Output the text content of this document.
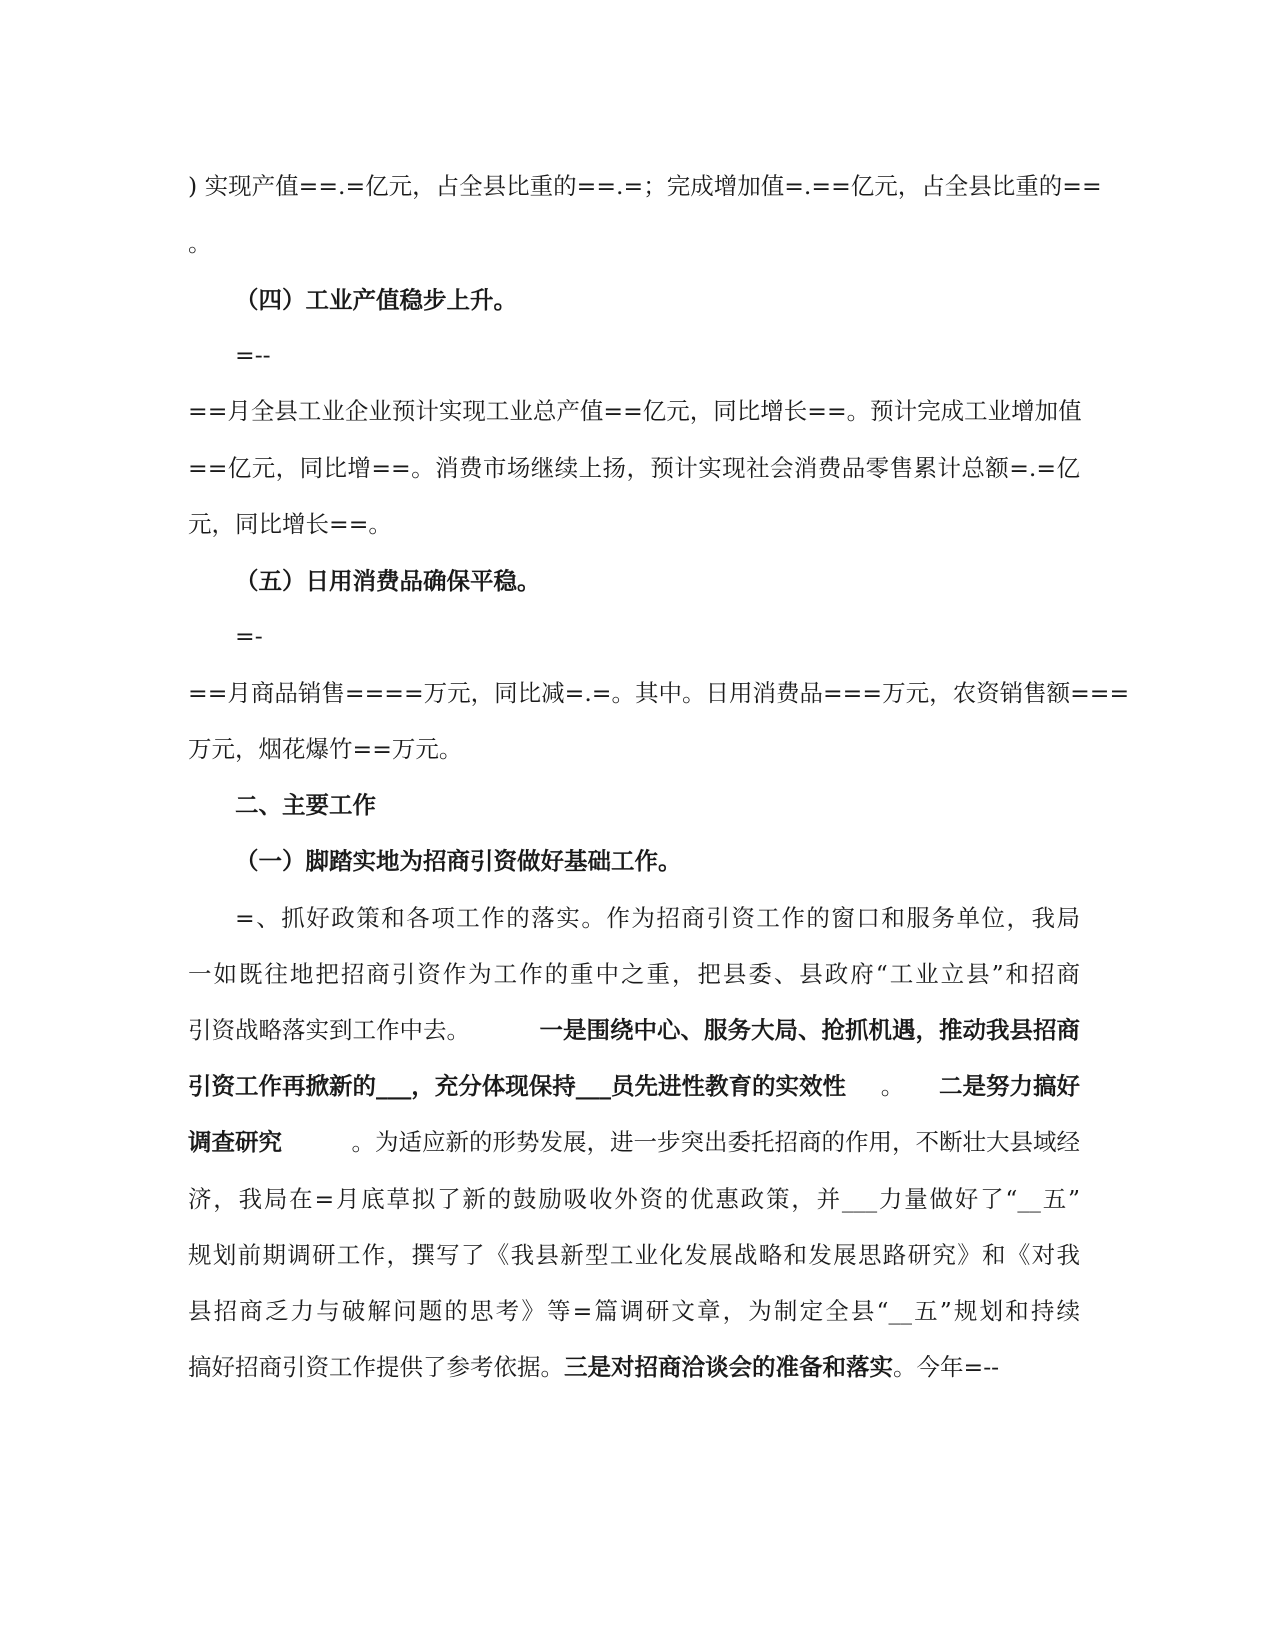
) 实现产值==.=亿元，占全县比重的==.=；完成增加值=.==亿元，占全县比重的==
。
（四）工业产值稳步上升。
=--
==月全县工业企业预计实现工业总产值==亿元，同比增长==。预计完成工业增加值
==亿元，同比增==。消费市场继续上扬，预计实现社会消费品零售累计总额=.=亿
元，同比增长==。
（五）日用消费品确保平稳。
=-
==月商品销售====万元，同比减=.=。其中。日用消费品===万元，农资销售额===
万元，烟花爆竹==万元。
二、主要工作
（一）脚踏实地为招商引资做好基础工作。
=、抓好政策和各项工作的落实。作为招商引资工作的窗口和服务单位，我局
一如既往地把招商引资作为工作的重中之重，把县委、县政府“工业立县”和招商
引资战略落实到工作中去。	一是围绕中心、服务大局、抢抓机遇，推动我县招商
引资工作再掀新的___，充分体现保持___员先进性教育的实效性 。 二是努力搞好
调查研究	。为适应新的形势发展，进一步突出委托招商的作用，不断壮大县域经
济，我局在=月底草拟了新的鼓励吸收外资的优惠政策，并___力量做好了“__五”
规划前期调研工作，撰写了《我县新型工业化发展战略和发展思路研究》和《对我
县招商乏力与破解问题的思考》等=篇调研文章，为制定全县“__五”规划和持续
搞好招商引资工作提供了参考依据。三是对招商洽谈会的准备和落实。今年=--
